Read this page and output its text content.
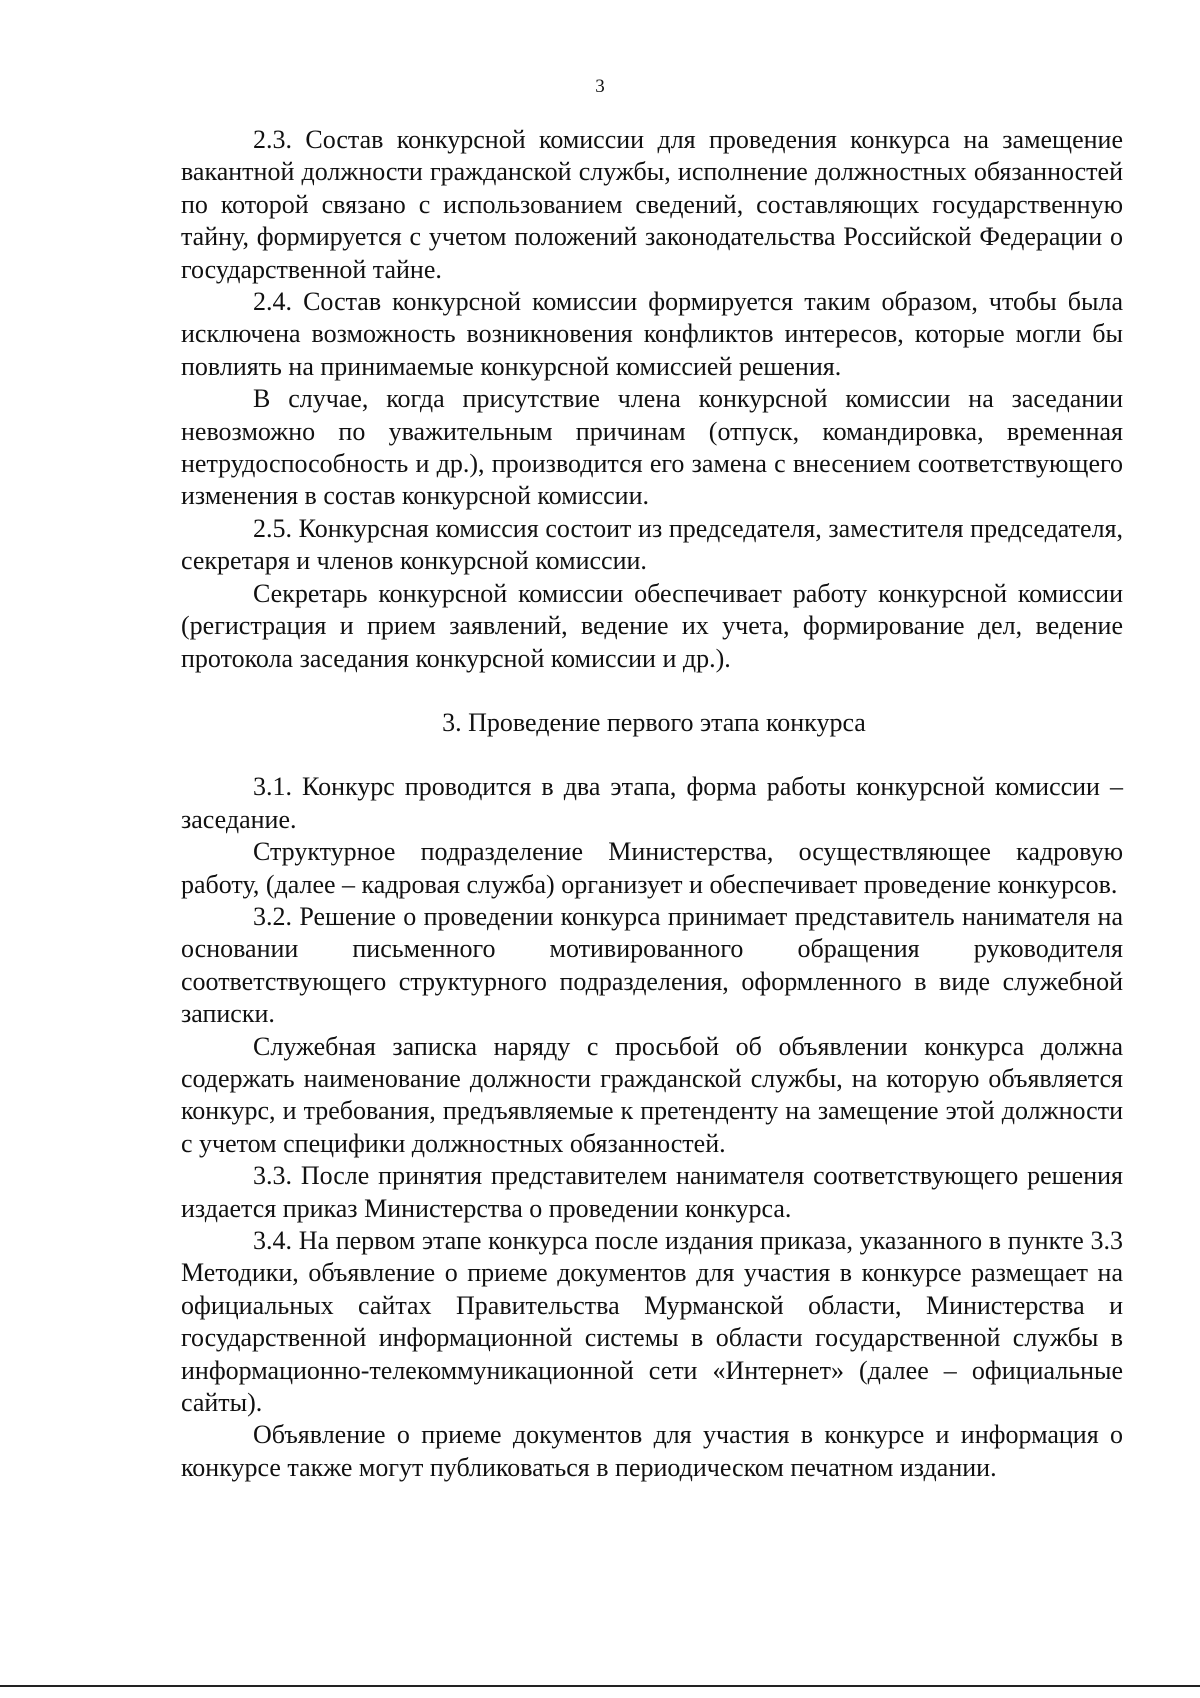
3

2.3. Состав конкурсной комиссии для проведения конкурса на замещение вакантной должности гражданской службы, исполнение должностных обязанностей по которой связано с использованием сведений, составляющих государственную тайну, формируется с учетом положений законодательства Российской Федерации о государственной тайне.

2.4. Состав конкурсной комиссии формируется таким образом, чтобы была исключена возможность возникновения конфликтов интересов, которые могли бы повлиять на принимаемые конкурсной комиссией решения.

В случае, когда присутствие члена конкурсной комиссии на заседании невозможно по уважительным причинам (отпуск, командировка, временная нетрудоспособность и др.), производится его замена с внесением соответствующего изменения в состав конкурсной комиссии.

2.5. Конкурсная комиссия состоит из председателя, заместителя председателя, секретаря и членов конкурсной комиссии.

Секретарь конкурсной комиссии обеспечивает работу конкурсной комиссии (регистрация и прием заявлений, ведение их учета, формирование дел, ведение протокола заседания конкурсной комиссии и др.).

3. Проведение первого этапа конкурса

3.1. Конкурс проводится в два этапа, форма работы конкурсной комиссии – заседание.

Структурное подразделение Министерства, осуществляющее кадровую работу, (далее – кадровая служба) организует и обеспечивает проведение конкурсов.

3.2. Решение о проведении конкурса принимает представитель нанимателя на основании письменного мотивированного обращения руководителя соответствующего структурного подразделения, оформленного в виде служебной записки.

Служебная записка наряду с просьбой об объявлении конкурса должна содержать наименование должности гражданской службы, на которую объявляется конкурс, и требования, предъявляемые к претенденту на замещение этой должности с учетом специфики должностных обязанностей.

3.3. После принятия представителем нанимателя соответствующего решения издается приказ Министерства о проведении конкурса.

3.4. На первом этапе конкурса после издания приказа, указанного в пункте 3.3 Методики, объявление о приеме документов для участия в конкурсе размещает на официальных сайтах Правительства Мурманской области, Министерства и государственной информационной системы в области государственной службы в информационно-телекоммуникационной сети «Интернет» (далее – официальные сайты).

Объявление о приеме документов для участия в конкурсе и информация о конкурсе также могут публиковаться в периодическом печатном издании.
